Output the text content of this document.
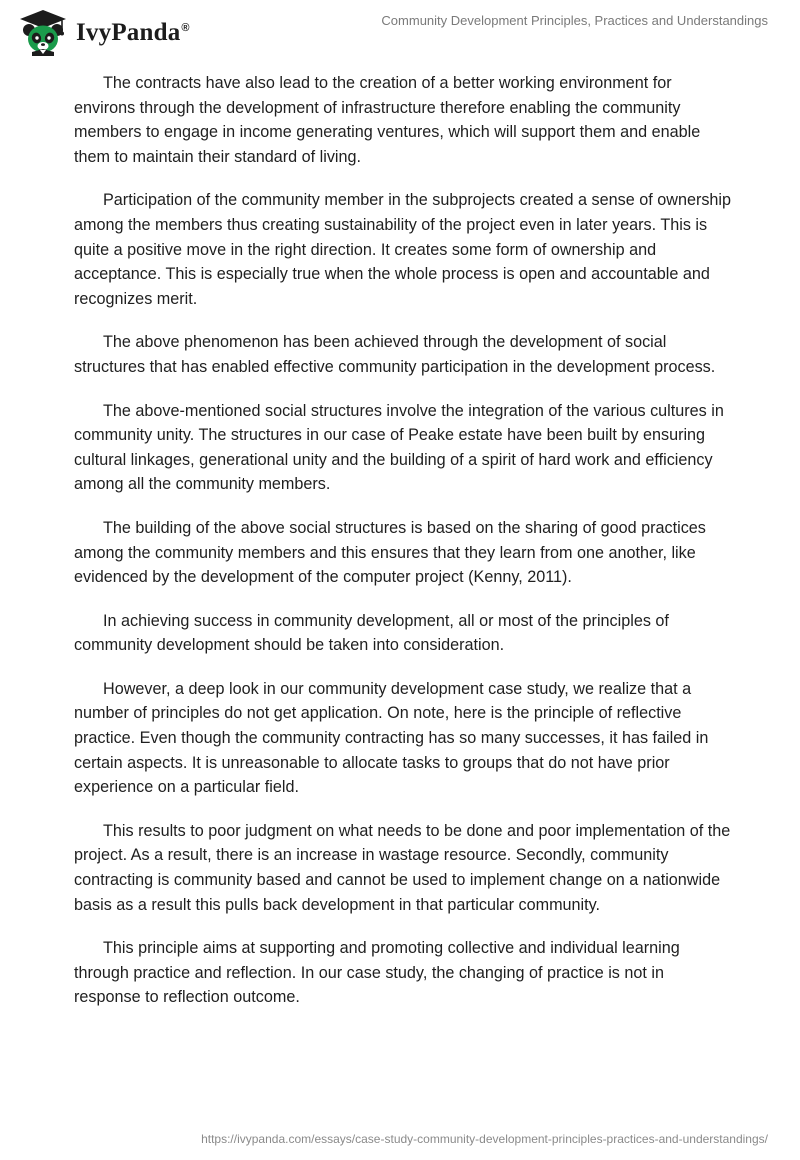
IvyPanda®	Community Development Principles, Practices and Understandings

The contracts have also lead to the creation of a better working environment for environs through the development of infrastructure therefore enabling the community members to engage in income generating ventures, which will support them and enable them to maintain their standard of living.

Participation of the community member in the subprojects created a sense of ownership among the members thus creating sustainability of the project even in later years. This is quite a positive move in the right direction. It creates some form of ownership and acceptance. This is especially true when the whole process is open and accountable and recognizes merit.

The above phenomenon has been achieved through the development of social structures that has enabled effective community participation in the development process.

The above-mentioned social structures involve the integration of the various cultures in community unity. The structures in our case of Peake estate have been built by ensuring cultural linkages, generational unity and the building of a spirit of hard work and efficiency among all the community members.

The building of the above social structures is based on the sharing of good practices among the community members and this ensures that they learn from one another, like evidenced by the development of the computer project (Kenny, 2011).

In achieving success in community development, all or most of the principles of community development should be taken into consideration.

However, a deep look in our community development case study, we realize that a number of principles do not get application. On note, here is the principle of reflective practice. Even though the community contracting has so many successes, it has failed in certain aspects. It is unreasonable to allocate tasks to groups that do not have prior experience on a particular field.

This results to poor judgment on what needs to be done and poor implementation of the project. As a result, there is an increase in wastage resource. Secondly, community contracting is community based and cannot be used to implement change on a nationwide basis as a result this pulls back development in that particular community.

This principle aims at supporting and promoting collective and individual learning through practice and reflection. In our case study, the changing of practice is not in response to reflection outcome.

https://ivypanda.com/essays/case-study-community-development-principles-practices-and-understandings/
